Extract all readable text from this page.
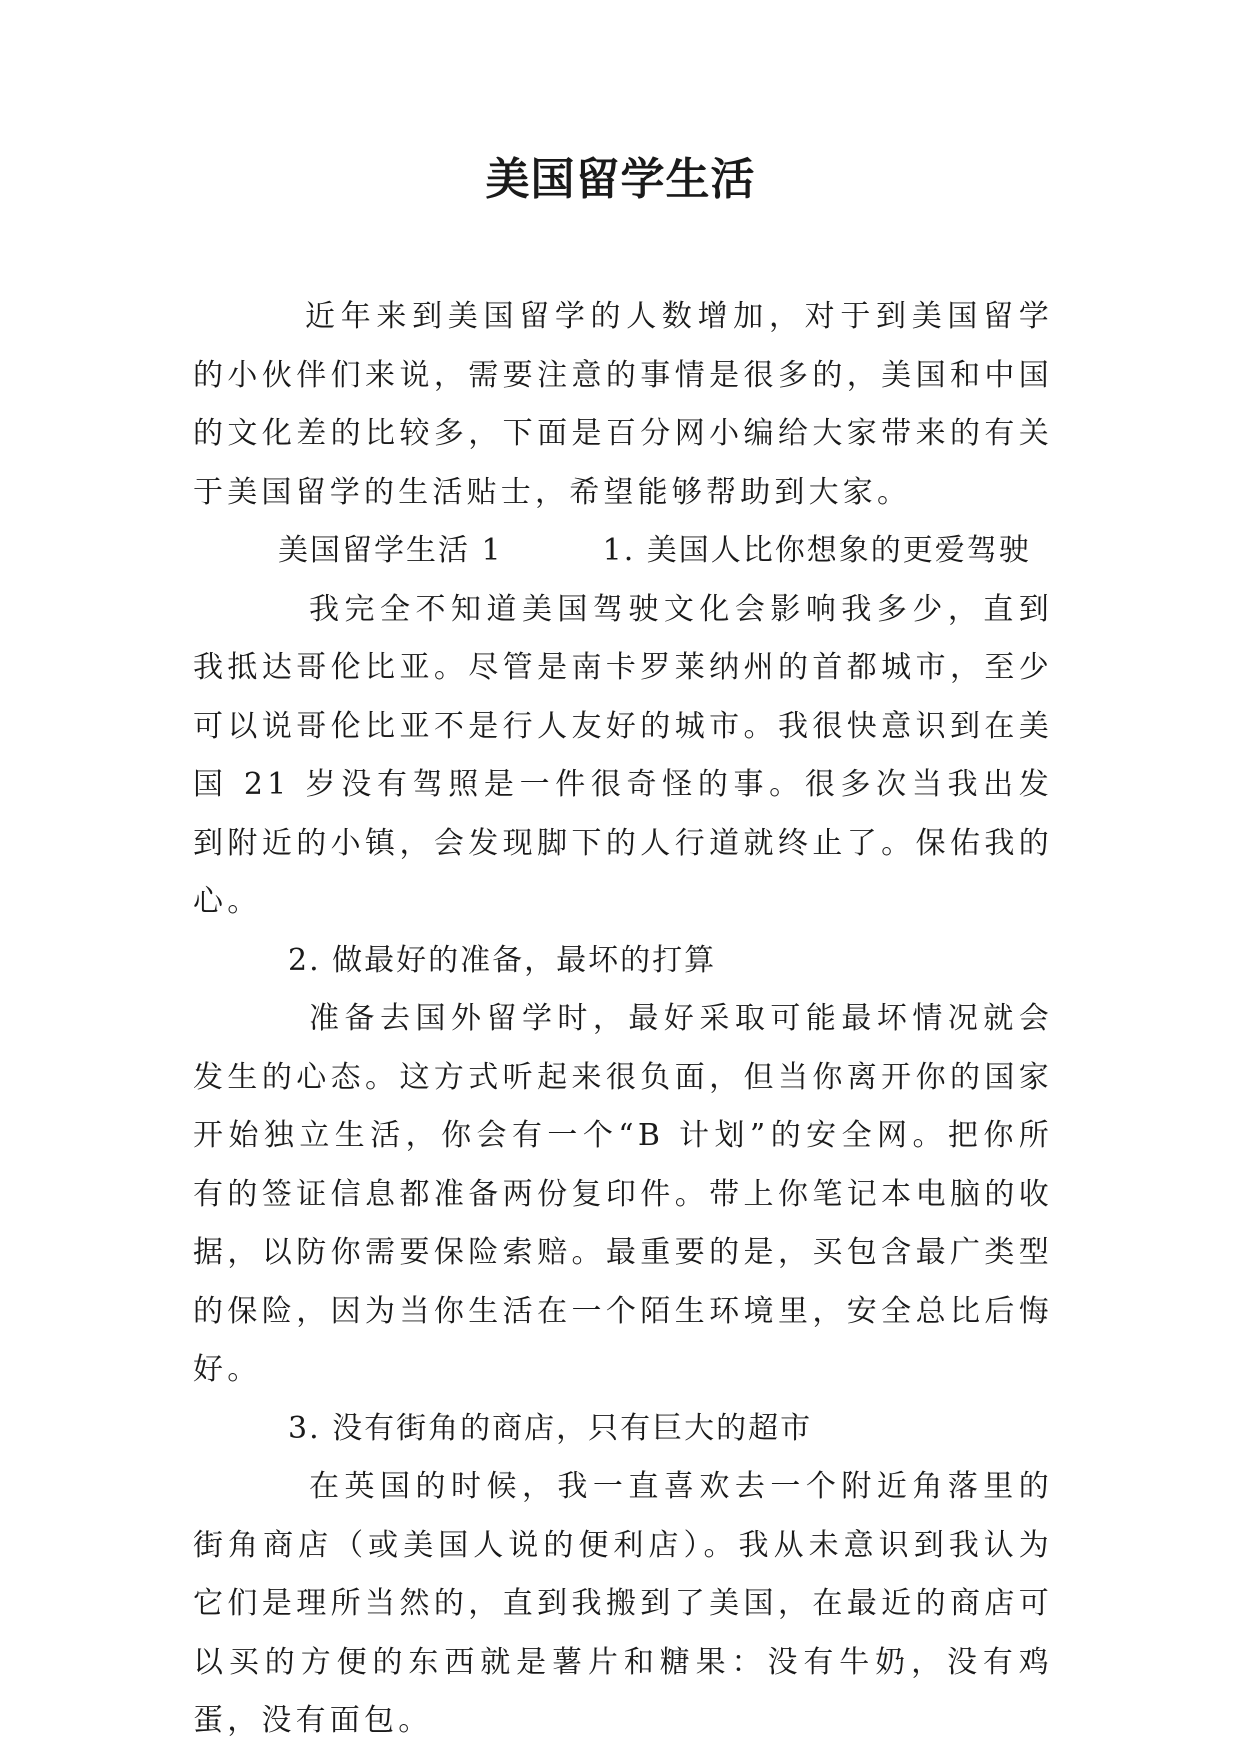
美国留学生活

近年来到美国留学的人数增加，对于到美国留学的小伙伴们来说，需要注意的事情是很多的，美国和中国的文化差的比较多，下面是百分网小编给大家带来的有关于美国留学的生活贴士，希望能够帮助到大家。

美国留学生活 1	1. 美国人比你想象的更爱驾驶

我完全不知道美国驾驶文化会影响我多少，直到我抵达哥伦比亚。尽管是南卡罗莱纳州的首都城市，至少可以说哥伦比亚不是行人友好的城市。我很快意识到在美国 21 岁没有驾照是一件很奇怪的事。很多次当我出发到附近的小镇，会发现脚下的人行道就终止了。保佑我的心。

2. 做最好的准备，最坏的打算

准备去国外留学时，最好采取可能最坏情况就会发生的心态。这方式听起来很负面，但当你离开你的国家开始独立生活，你会有一个“B 计划”的安全网。把你所有的签证信息都准备两份复印件。带上你笔记本电脑的收据，以防你需要保险索赔。最重要的是，买包含最广类型的保险，因为当你生活在一个陌生环境里，安全总比后悔好。

3. 没有街角的商店，只有巨大的超市

在英国的时候，我一直喜欢去一个附近角落里的街角商店（或美国人说的便利店）。我从未意识到我认为它们是理所当然的，直到我搬到了美国，在最近的商店可以买的方便的东西就是薯片和糖果：没有牛奶，没有鸡蛋，没有面包。
